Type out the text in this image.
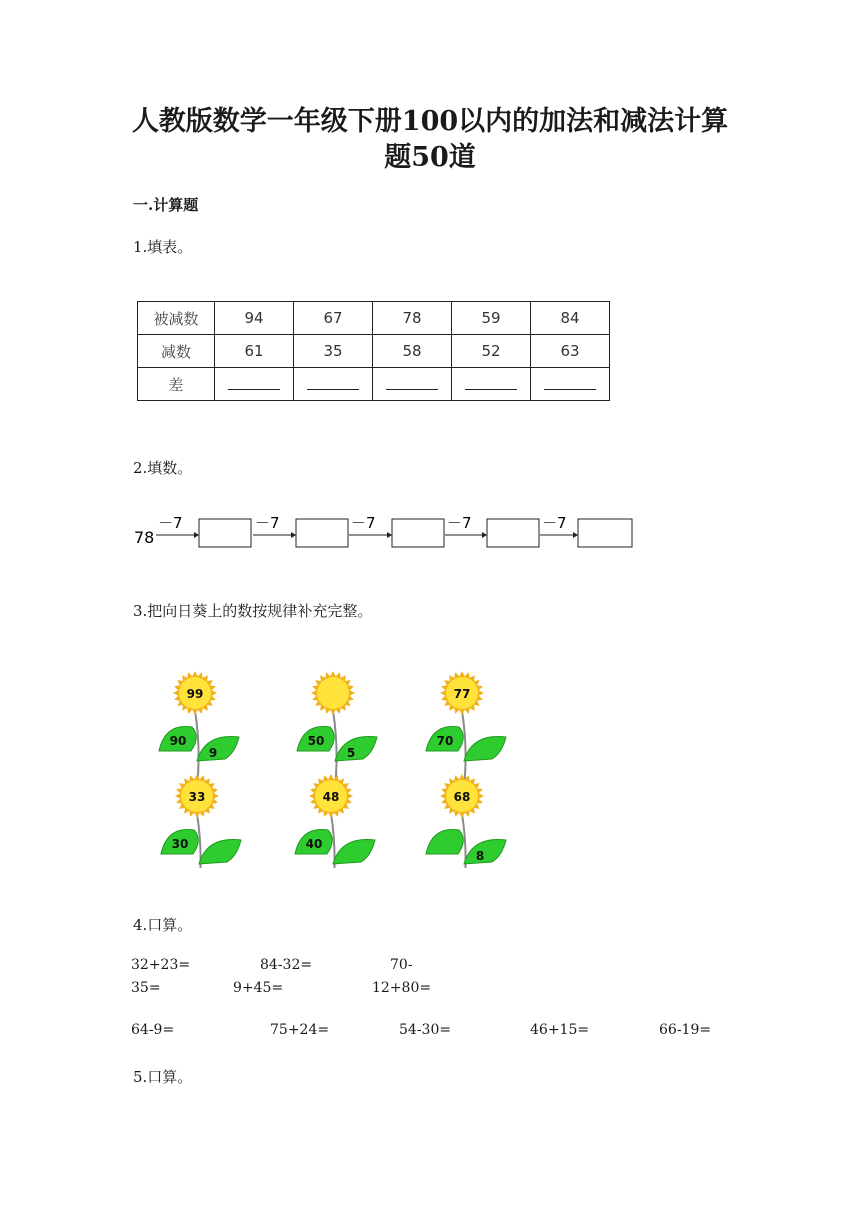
人教版数学一年级下册100以内的加法和减法计算
题50道
一.计算题
1.填表。
被减数	94	67	78	59	84
减数	61	35	58	52	63
差					
2.填数。
78
－7	－7	－7	－7	－7
3.把向日葵上的数按规律补充完整。
99
90
9
50
5
77
70
33
30
48
40
68
8
4.口算。
32+23=	84-32=	70-
35=	9+45=	12+80=
64-9=	75+24=	54-30=	46+15=	66-19=
5.口算。
